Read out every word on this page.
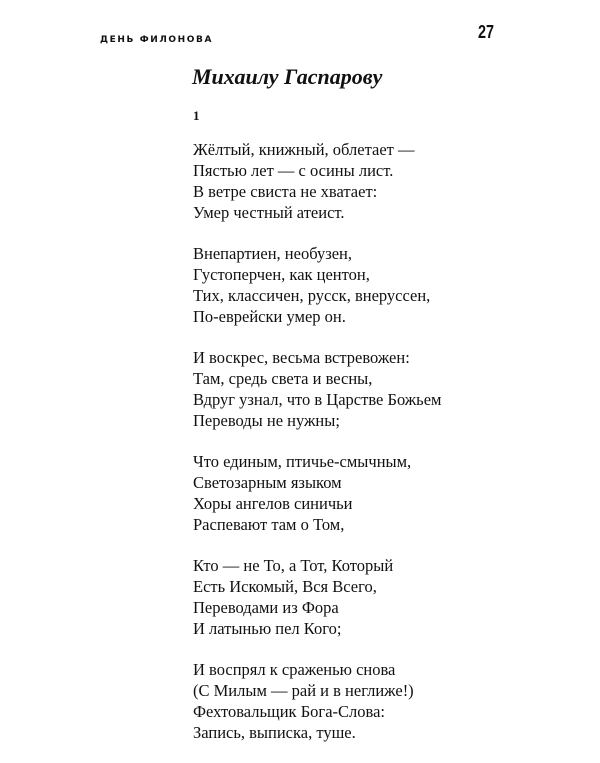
ДЕНЬ ФИЛОНОВА	27
Михаилу Гаспарову
1
Жёлтый, книжный, облетает —
Пястью лет — с осины лист.
В ветре свиста не хватает:
Умер честный атеист.
Внепартиен, необузен,
Густоперчен, как центон,
Тих, классичен, русск, внеруссен,
По-еврейски умер он.
И воскрес, весьма встревожен:
Там, средь света и весны,
Вдруг узнал, что в Царстве Божьем
Переводы не нужны;
Что единым, птичье-смычным,
Светозарным языком
Хоры ангелов синичьи
Распевают там о Том,
Кто — не То, а Тот, Который
Есть Искомый, Вся Всего,
Переводами из Фора
И латынью пел Кого;
И воспрял к сраженью снова
(С Милым — рай и в неглиже!)
Фехтовальщик Бога-Слова:
Запись, выписка, туше.
